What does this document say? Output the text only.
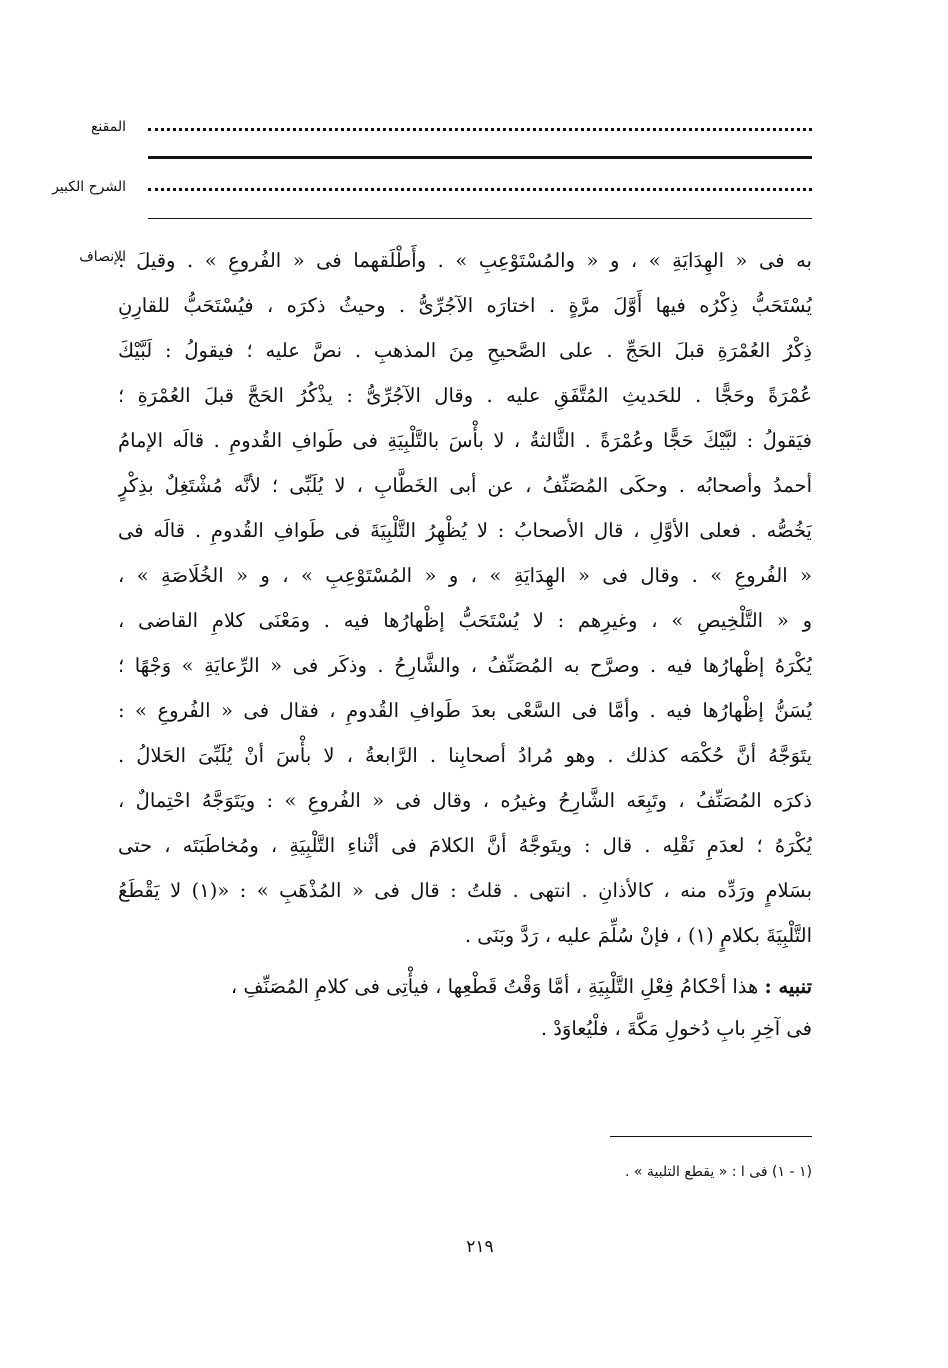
المقنع
الشرح الكبير
الإنصاف
به فى « الهِدَايَةِ » ، و « والمُسْتَوْعِبِ » . وأَطْلَقهما فى « الفُروعِ » . وقيلَ :
يُسْتَحَبُّ ذِكْرُه فيها أَوَّلَ مرَّةٍ . اختارَه الآجُرِّىُّ . وحيثُ ذكرَه ، فيُسْتَحَبُّ للقارِنِ
ذِكْرُ العُمْرَةِ قبلَ الحَجِّ . على الصَّحيحِ مِنَ المذهبِ . نصَّ عليه ؛ فيقولُ : لَبَّيْكَ
عُمْرَةً وحَجًّا . للحَديثِ المُتَّفَقِ عليه . وقال الآجُرِّىُّ : يذْكُرُ الحَجَّ قبلَ العُمْرَةِ ؛
فيَقولُ : لبَّيْكَ حَجًّا وعُمْرَةً . الثَّالثةُ ، لا بأْسَ بالتَّلْبِيَةِ فى طَوافِ القُدومِ . قالَه الإمامُ
أحمدُ وأصحابُه . وحكَى المُصَنِّفُ ، عن أبى الخَطَّابِ ، لا يُلَبِّى ؛ لأنَّه مُشْتَغِلٌ بذِكْرٍ
يَخُصُّه . فعلى الأوَّلِ ، قال الأصحابُ : لا يُظْهِرُ التَّلْبِيَةَ فى طَوافِ القُدومِ . قالَه فى
« الفُروعِ » . وقال فى « الهِدَايَةِ » ، و « المُسْتَوْعِبِ » ، و « الخُلَاصَةِ » ،
و « التَّلْخِيصِ » ، وغيرِهم : لا يُسْتَحَبُّ إظْهارُها فيه . ومَعْنَى كلامِ القاضى ،
يُكْرَهُ إظْهارُها فيه . وصرَّح به المُصَنِّفُ ، والشَّارِحُ . وذكَر فى « الرِّعايَةِ » وَجْهًا ؛
يُسَنُّ إظْهارُها فيه . وأمَّا فى السَّعْى بعدَ طَوافِ القُدومِ ، فقال فى « الفُروعِ » :
يتَوَجَّهُ أنَّ حُكْمَه كذلك . وهو مُرادُ أصحابِنا . الرَّابعةُ ، لا بأْسَ أنْ يُلَبِّىَ الحَلالُ .
ذكرَه المُصَنِّفُ ، وتَبِعَه الشَّارِحُ وغيرُه ، وقال فى « الفُروعِ » : ويَتَوَجَّهُ احْتِمالٌ ،
يُكْرَهُ ؛ لعدَمِ نَقْلِه . قال : ويتَوجَّهُ أنَّ الكلامَ فى أثْناءِ التَّلْبِيَةِ ، ومُخاطَبَتَه ، حتى
بسَلامٍ ورَدِّه منه ، كالأذانِ . انتهى . قلتُ : قال فى « المُذْهَبِ » : «(١) لا يَقْطَعُ
التَّلْبِيَةَ بكلامٍ (١) ، فإنْ سُلِّمَ عليه ، رَدَّ وبَنَى .
تنبيه : هذا أحْكامُ فِعْلِ التَّلْبِيَةِ ، أمَّا وَقْتُ قَطْعِها ، فيأْتِى فى كلامِ المُصَنِّفِ ،
فى آخِرِ بابِ دُخولِ مَكَّةَ ، فلْيُعاوَدْ .
(١ - ١) فى ا : « يقطع التلبية » .
٢١٩
